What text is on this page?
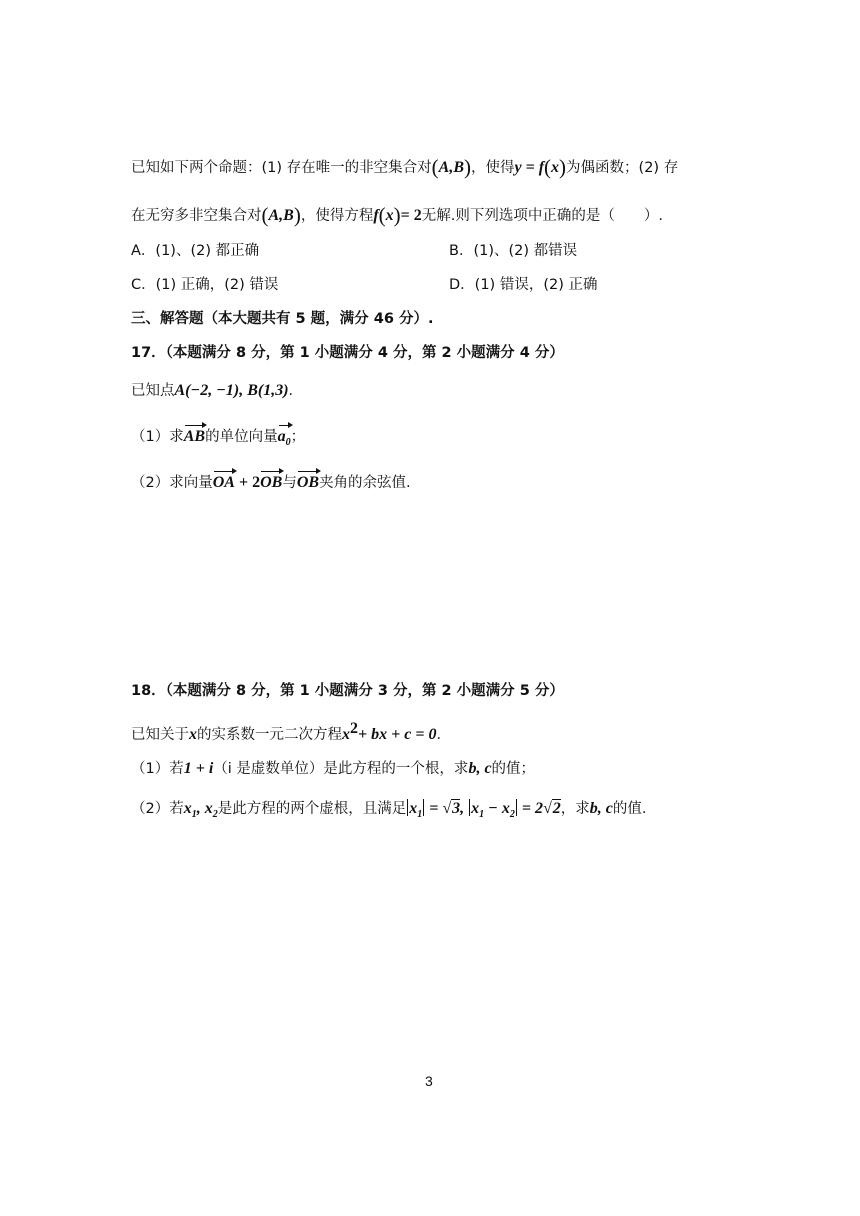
已知如下两个命题：(1) 存在唯一的非空集合对(A,B)，使得y = f(x)为偶函数；(2) 存
在无穷多非空集合对(A,B)，使得方程f(x)= 2无解.则下列选项中正确的是（　　）.
A．(1)、(2) 都正确	B．(1)、(2) 都错误
C．(1) 正确，(2) 错误	D．(1) 错误，(2) 正确
三、解答题（本大题共有 5 题，满分 46 分）.
17．（本题满分 8 分，第 1 小题满分 4 分，第 2 小题满分 4 分）
已知点A(−2, −1), B(1,3)．
（1）求AB的单位向量$a_0$；
（2）求向量OA + 2OB与OB夹角的余弦值.
18．（本题满分 8 分，第 1 小题满分 3 分，第 2 小题满分 5 分）
已知关于x的实系数一元二次方程$x^2+$ bx + c = 0．
（1）若1 + i（i 是虚数单位）是此方程的一个根，求b, c的值；
（2）若$x_1$, $x_2$是此方程的两个虚根，且满足 $x_1 = √3$, $x_1 - x_2 = 2√2$，求b, c的值.
3
